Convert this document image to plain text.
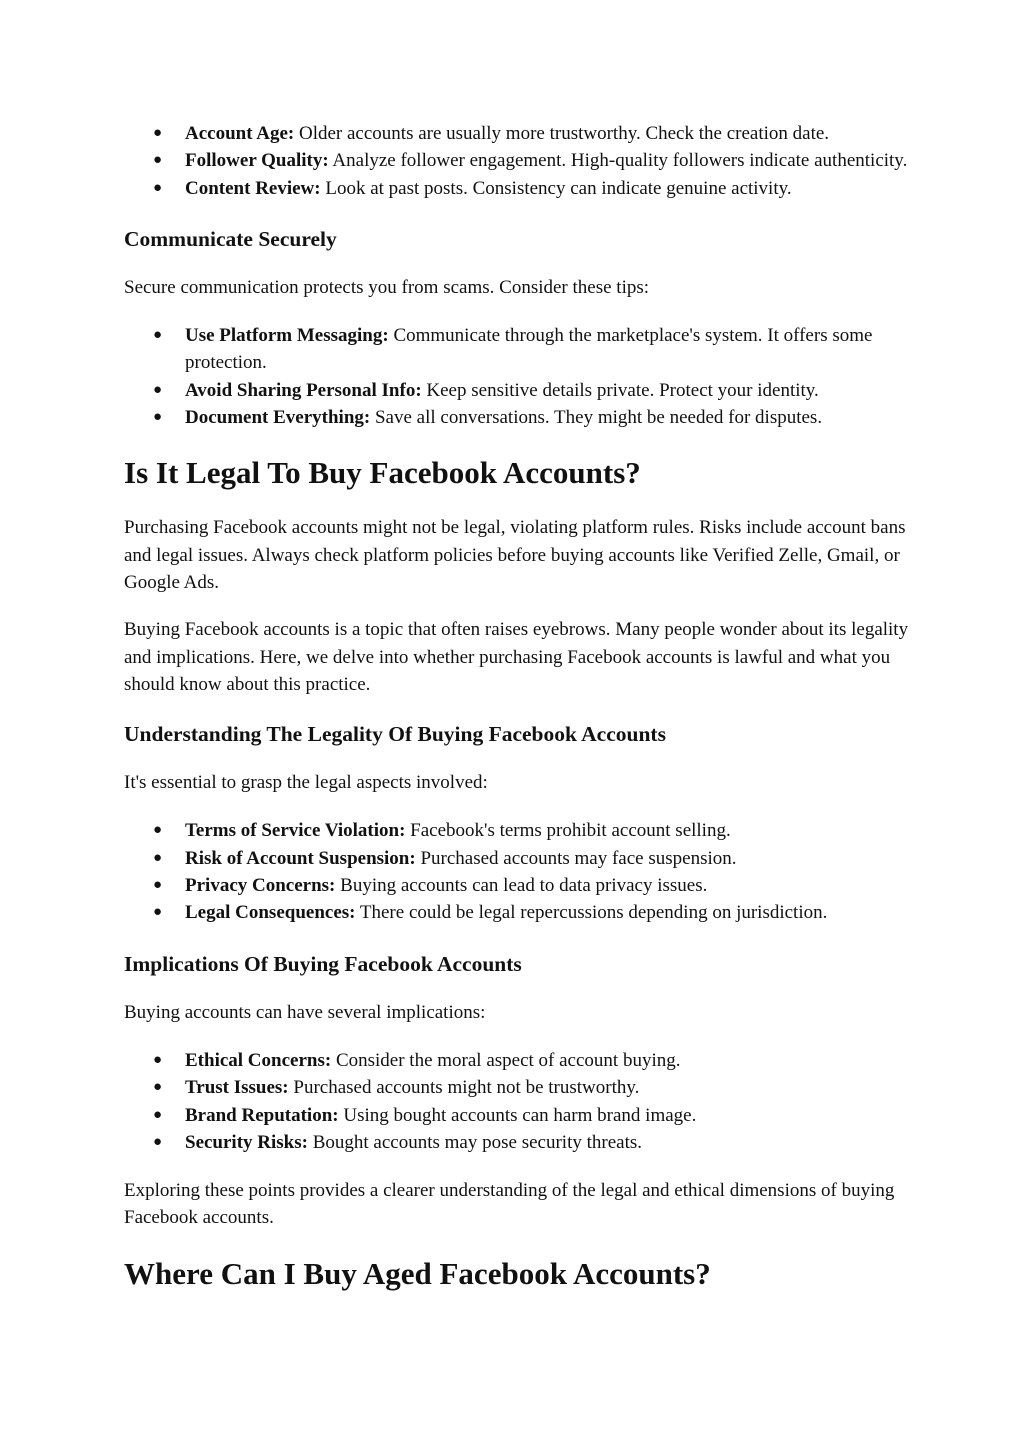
● Account Age: Older accounts are usually more trustworthy. Check the creation date.
● Follower Quality: Analyze follower engagement. High-quality followers indicate authenticity.
● Content Review: Look at past posts. Consistency can indicate genuine activity.
Communicate Securely

Secure communication protects you from scams. Consider these tips:

● Use Platform Messaging: Communicate through the marketplace's system. It offers some protection.
● Avoid Sharing Personal Info: Keep sensitive details private. Protect your identity.
● Document Everything: Save all conversations. They might be needed for disputes.
Is It Legal To Buy Facebook Accounts?

Purchasing Facebook accounts might not be legal, violating platform rules. Risks include account bans and legal issues. Always check platform policies before buying accounts like Verified Zelle, Gmail, or Google Ads.

Buying Facebook accounts is a topic that often raises eyebrows. Many people wonder about its legality and implications. Here, we delve into whether purchasing Facebook accounts is lawful and what you should know about this practice.

Understanding The Legality Of Buying Facebook Accounts

It's essential to grasp the legal aspects involved:

● Terms of Service Violation: Facebook's terms prohibit account selling.
● Risk of Account Suspension: Purchased accounts may face suspension.
● Privacy Concerns: Buying accounts can lead to data privacy issues.
● Legal Consequences: There could be legal repercussions depending on jurisdiction.
Implications Of Buying Facebook Accounts

Buying accounts can have several implications:

● Ethical Concerns: Consider the moral aspect of account buying.
● Trust Issues: Purchased accounts might not be trustworthy.
● Brand Reputation: Using bought accounts can harm brand image.
● Security Risks: Bought accounts may pose security threats.

Exploring these points provides a clearer understanding of the legal and ethical dimensions of buying Facebook accounts.

Where Can I Buy Aged Facebook Accounts?
